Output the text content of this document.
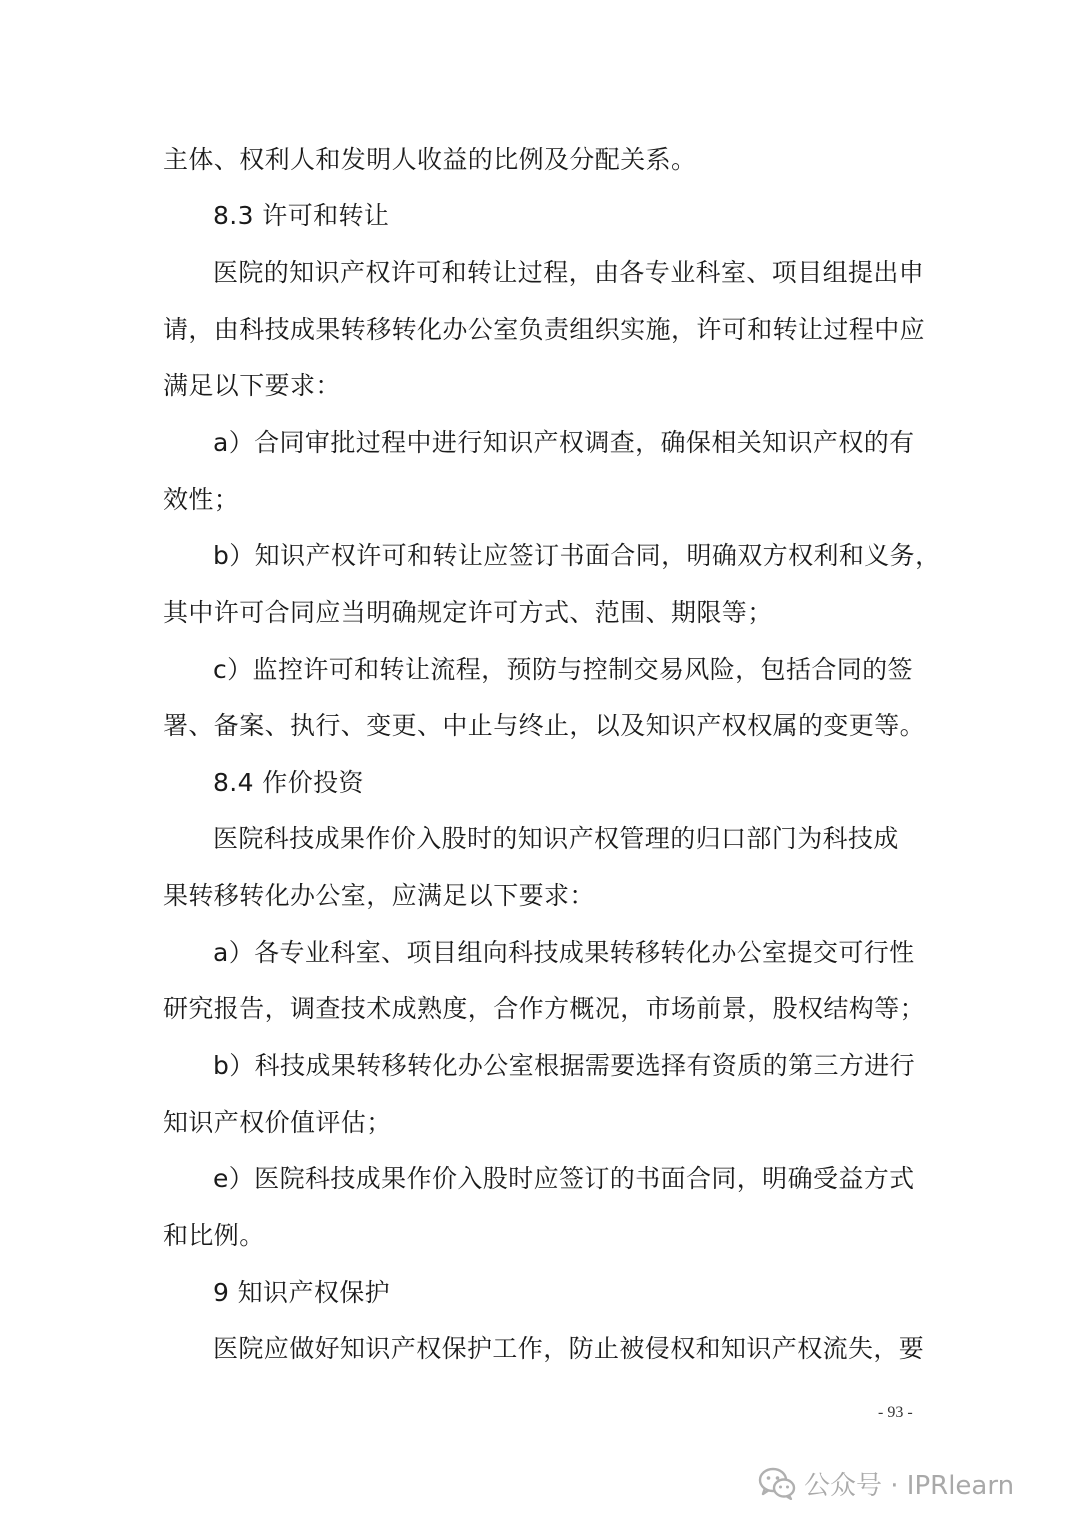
主体、权利人和发明人收益的比例及分配关系。
8.3 许可和转让
医院的知识产权许可和转让过程，由各专业科室、项目组提出申
请，由科技成果转移转化办公室负责组织实施，许可和转让过程中应
满足以下要求：
a）合同审批过程中进行知识产权调查，确保相关知识产权的有
效性；
b）知识产权许可和转让应签订书面合同，明确双方权利和义务，
其中许可合同应当明确规定许可方式、范围、期限等；
c）监控许可和转让流程，预防与控制交易风险，包括合同的签
署、备案、执行、变更、中止与终止，以及知识产权权属的变更等。
8.4 作价投资
医院科技成果作价入股时的知识产权管理的归口部门为科技成
果转移转化办公室，应满足以下要求：
a）各专业科室、项目组向科技成果转移转化办公室提交可行性
研究报告，调查技术成熟度，合作方概况，市场前景，股权结构等；
b）科技成果转移转化办公室根据需要选择有资质的第三方进行
知识产权价值评估；
e）医院科技成果作价入股时应签订的书面合同，明确受益方式
和比例。
9 知识产权保护
医院应做好知识产权保护工作，防止被侵权和知识产权流失，要
- 93 -
公众号 · IPRlearn
